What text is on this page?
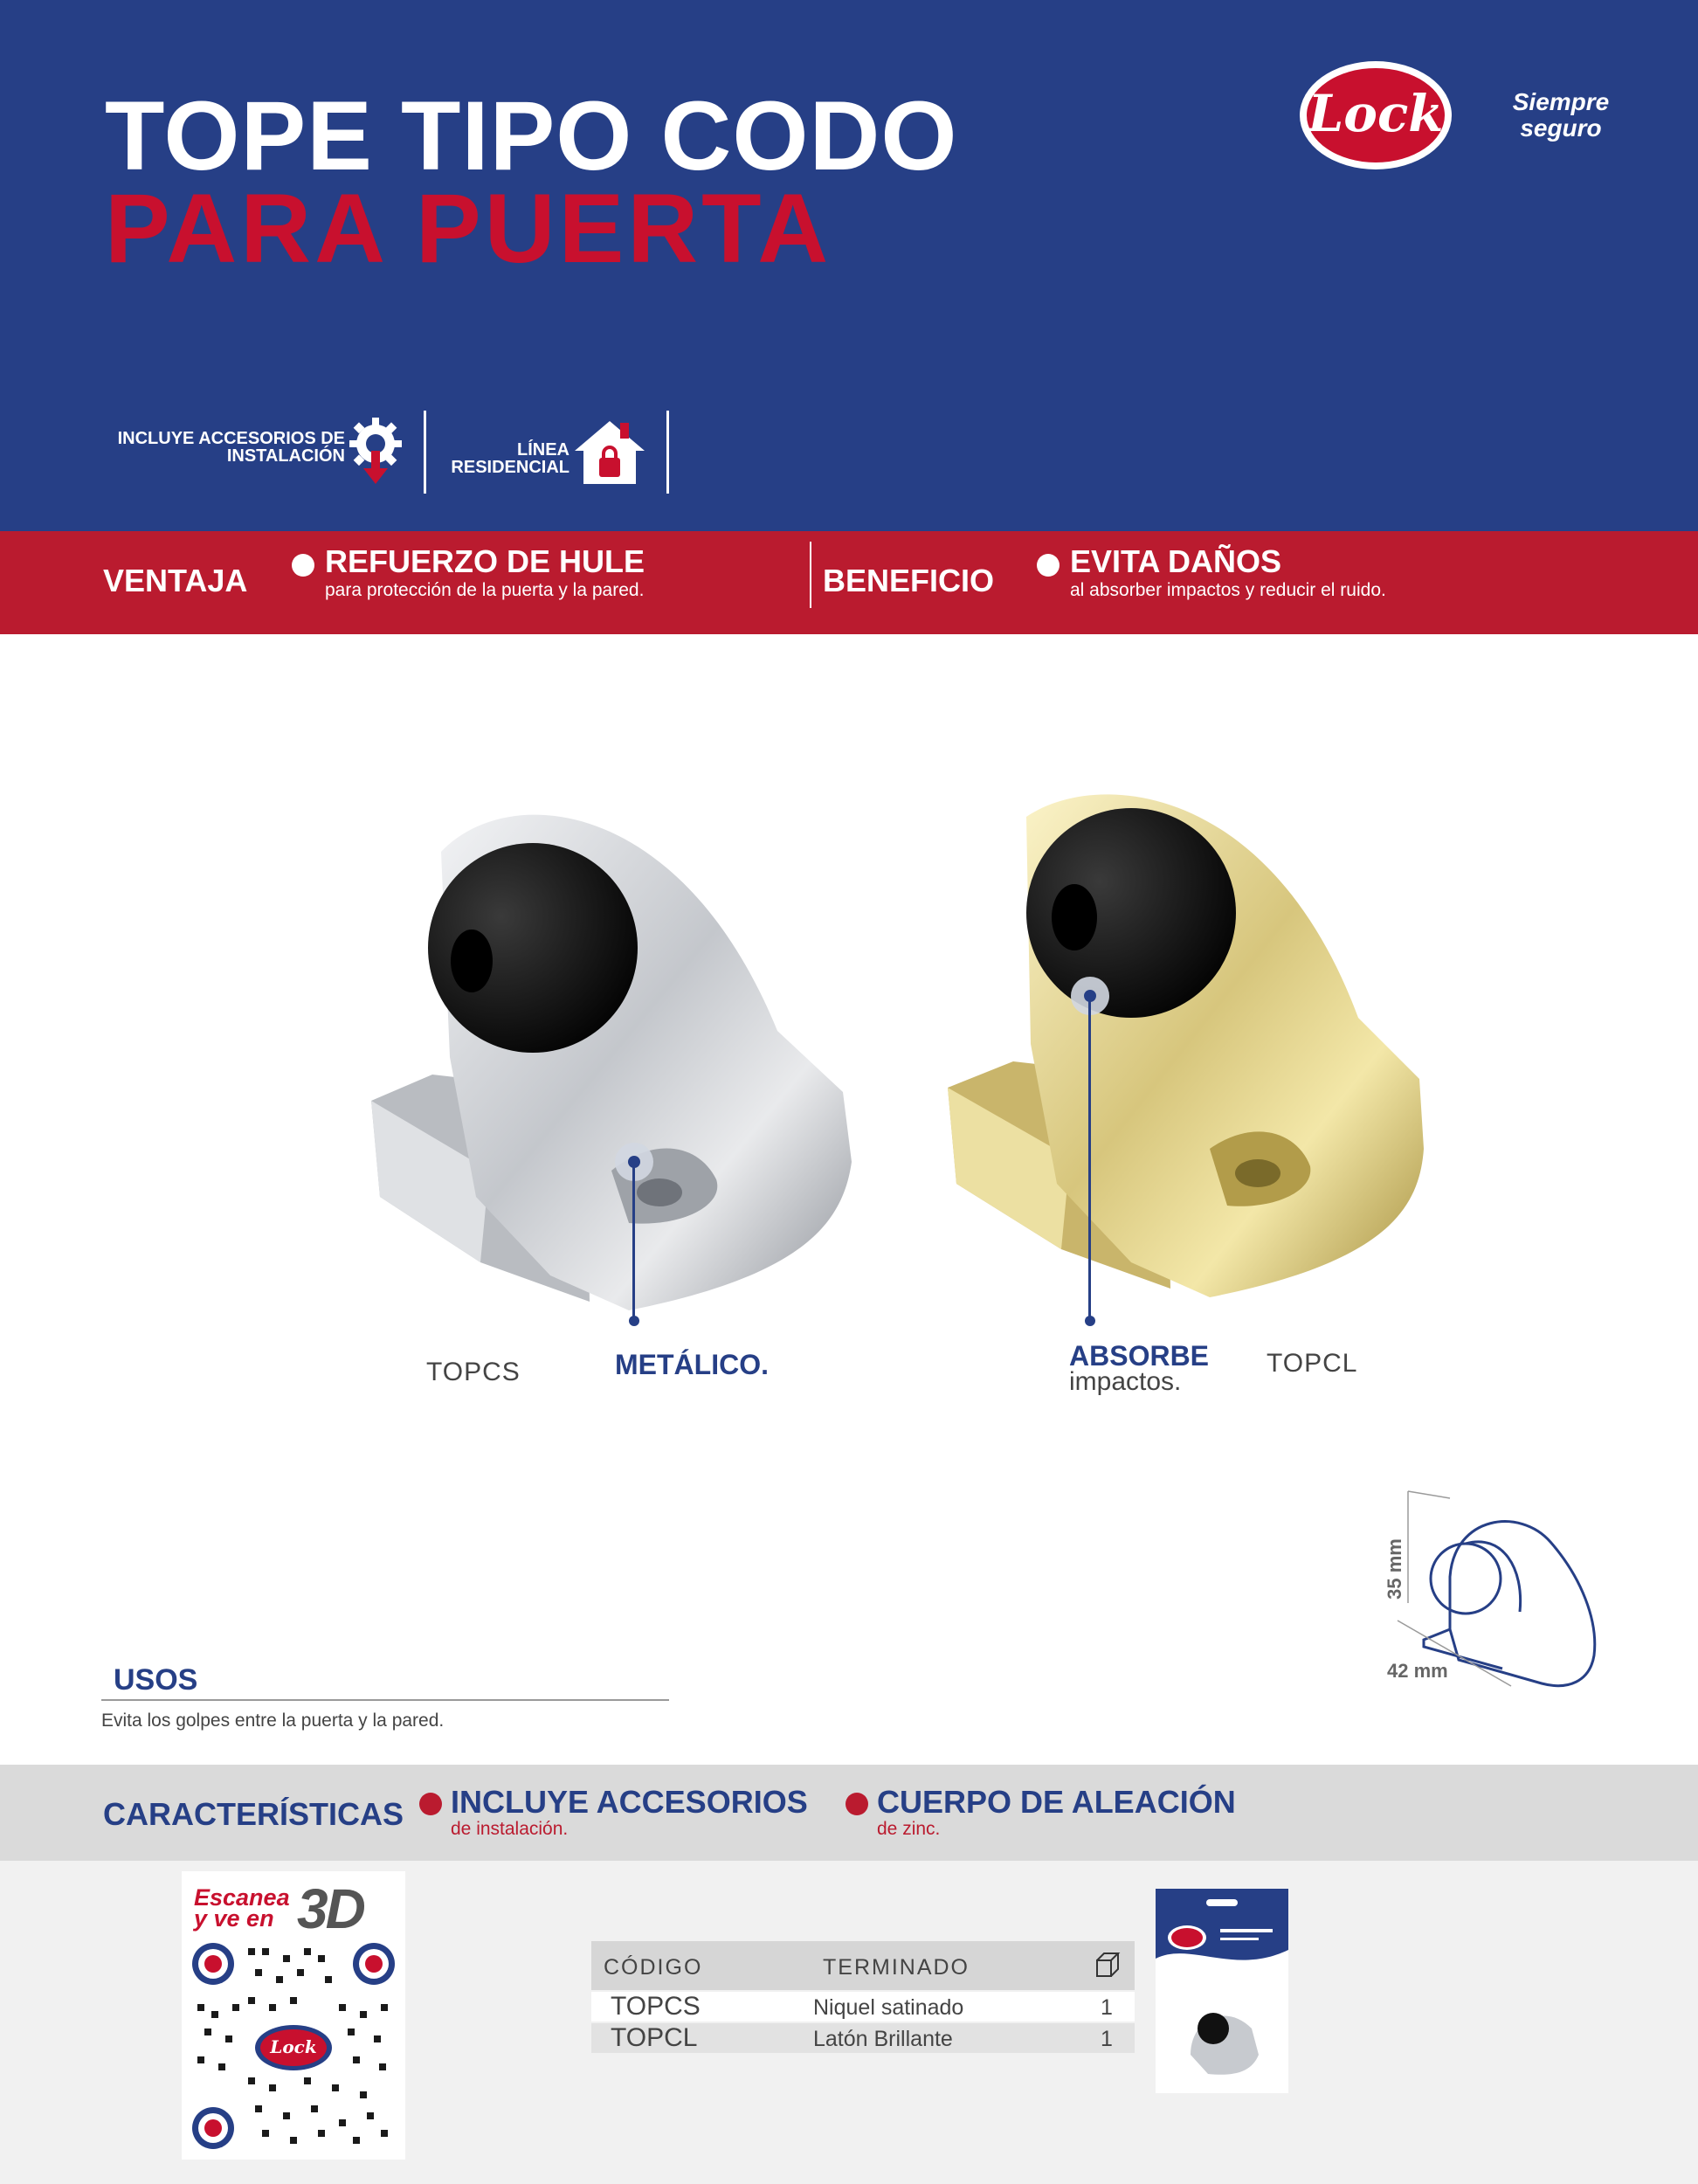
TOPE TIPO CODO
PARA PUERTA
Lock	Siempre seguro
INCLUYE ACCESORIOS DE INSTALACIÓN	LÍNEA RESIDENCIAL
VENTAJA
REFUERZO DE HULE
para protección de la puerta y la pared.	BENEFICIO
EVITA DAÑOS
al absorber impactos y reducir el ruido.
TOPCS	METÁLICO.	ABSORBE
impactos.
TOPCL
35 mm
42 mm
USOS
Evita los golpes entre la puerta y la pared.
CARACTERÍSTICAS INCLUYE ACCESORIOS
de instalación.
CUERPO DE ALEACIÓN
de zinc.
Escanea y ve en 3D
Lock
CÓDIGO	TERMINADO
TOPCS	Niquel satinado	1
TOPCL	Latón Brillante	1
